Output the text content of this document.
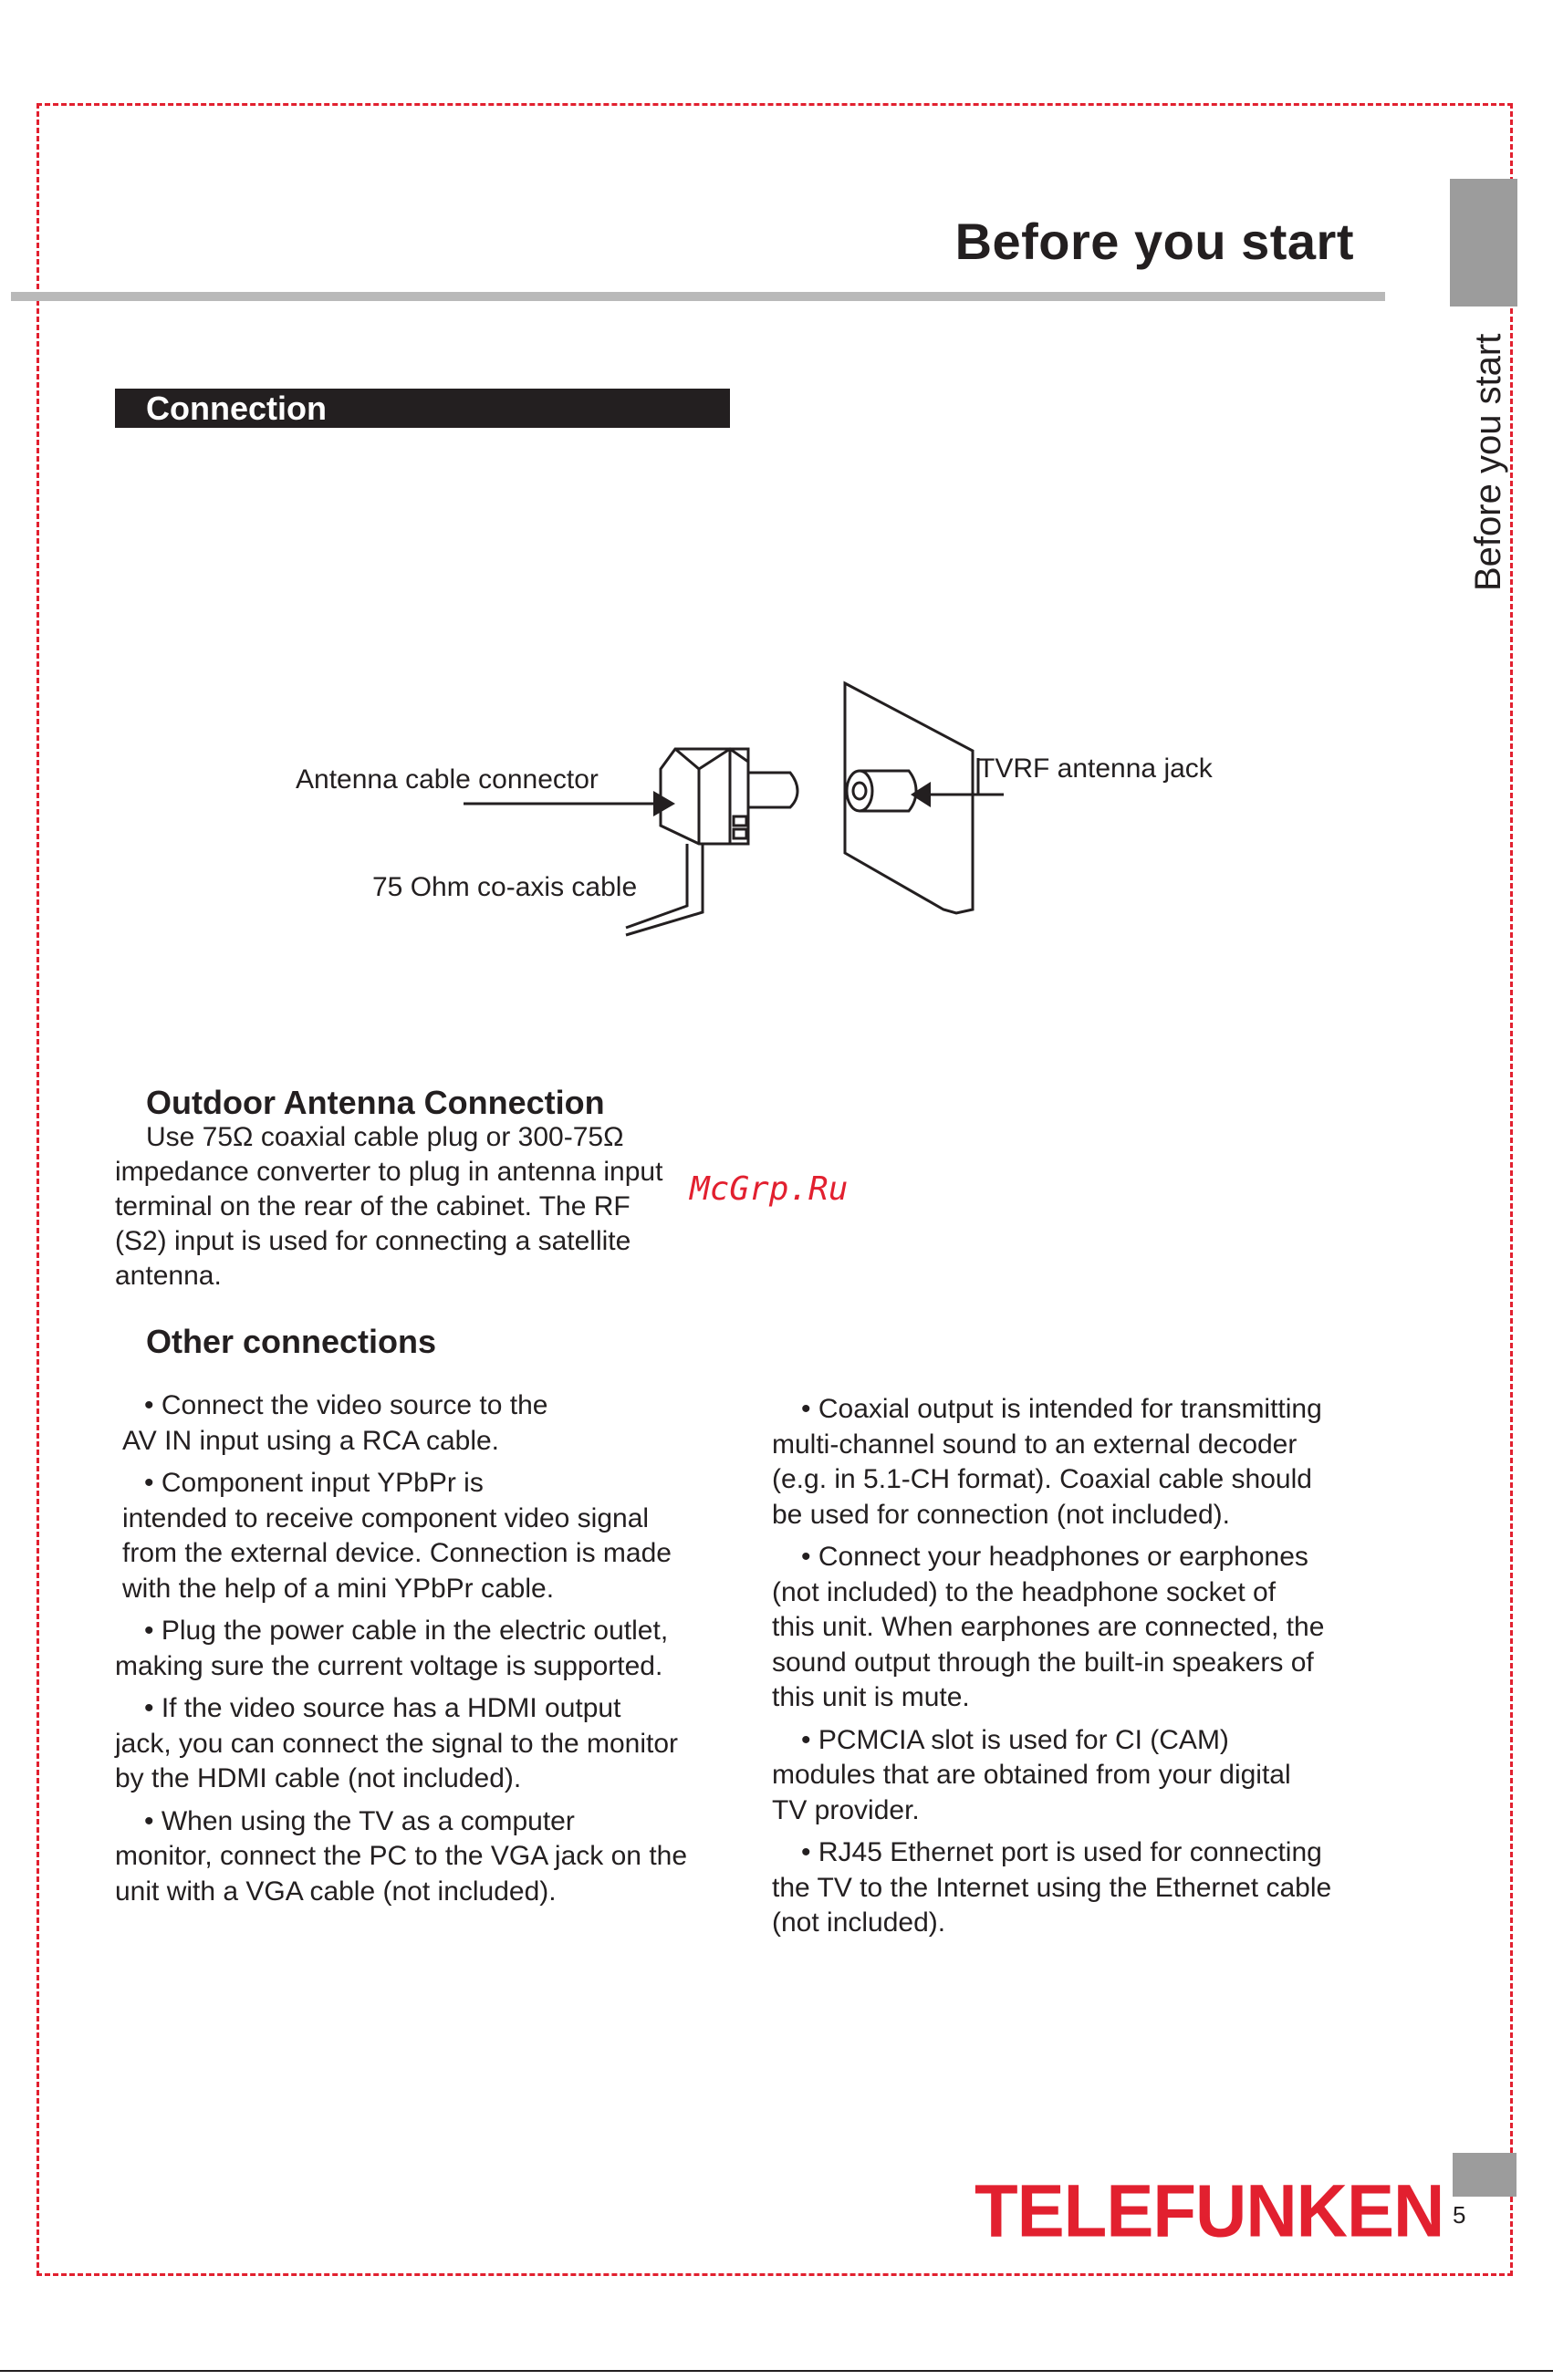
Before you start
Before you start
Connection
Antenna cable connector
75 Ohm co-axis cable
TVRF antenna jack
Outdoor Antenna Connection

Use 75Ω coaxial cable plug or 300-75Ω

impedance converter to plug in antenna input

terminal on the rear of the cabinet. The RF

(S2) input is used for connecting a satellite

antenna.

McGrp.Ru
Other connections
• Connect the video source to the
AV IN input using a RCA cable.
• Component input YPbPr is
intended to receive component video signal
from the external device. Connection is made
with the help of a mini YPbPr cable.
• Plug the power cable in the electric outlet,
making sure the current voltage is supported.
• If the video source has a HDMI output
jack, you can connect the signal to the monitor
by the HDMI cable (not included).
• When using the TV as a computer
monitor, connect the PC to the VGA jack on the
unit with a VGA cable (not included).
• Coaxial output is intended for transmitting
multi-channel sound to an external decoder
(e.g. in 5.1-CH format). Coaxial cable should
be used for connection (not included).
• Connect your headphones or earphones
(not included) to the headphone socket of
this unit. When earphones are connected, the
sound output through the built-in speakers of
this unit is mute.
• PCMCIA slot is used for CI (CAM)
modules that are obtained from your digital
TV provider.
• RJ45 Ethernet port is used for connecting
the TV to the Internet using the Ethernet cable
(not included).
TELEFUNKEN 5
